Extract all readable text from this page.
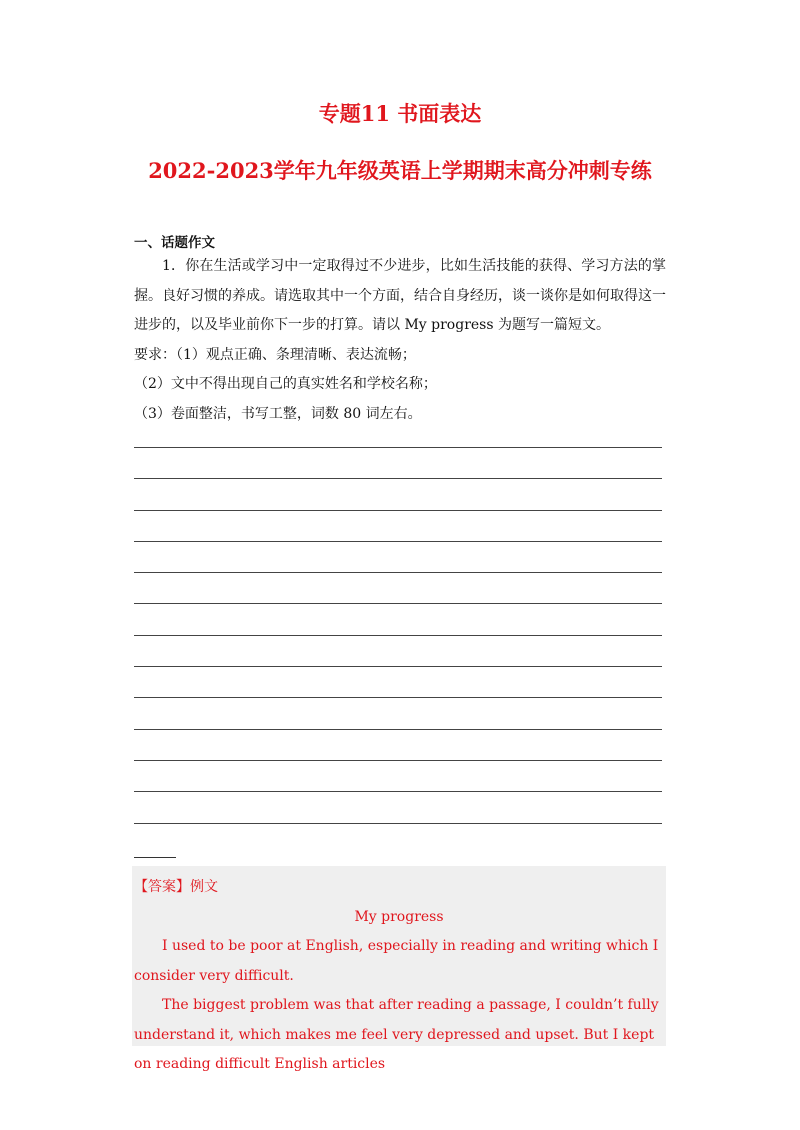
专题11 书面表达
2022-2023学年九年级英语上学期期末高分冲刺专练
一、话题作文

1．你在生活或学习中一定取得过不少进步，比如生活技能的获得、学习方法的掌握。良好习惯的养成。请选取其中一个方面，结合自身经历，谈一谈你是如何取得这一进步的，以及毕业前你下一步的打算。请以 My progress 为题写一篇短文。

要求：（1）观点正确、条理清晰、表达流畅；

（2）文中不得出现自己的真实姓名和学校名称；

（3）卷面整洁，书写工整，词数 80 词左右。

【答案】例文

My progress

I used to be poor at English, especially in reading and writing which I consider very difficult.

The biggest problem was that after reading a passage, I couldn’t fully understand it, which makes me feel very depressed and upset. But I kept on reading difficult English articles
